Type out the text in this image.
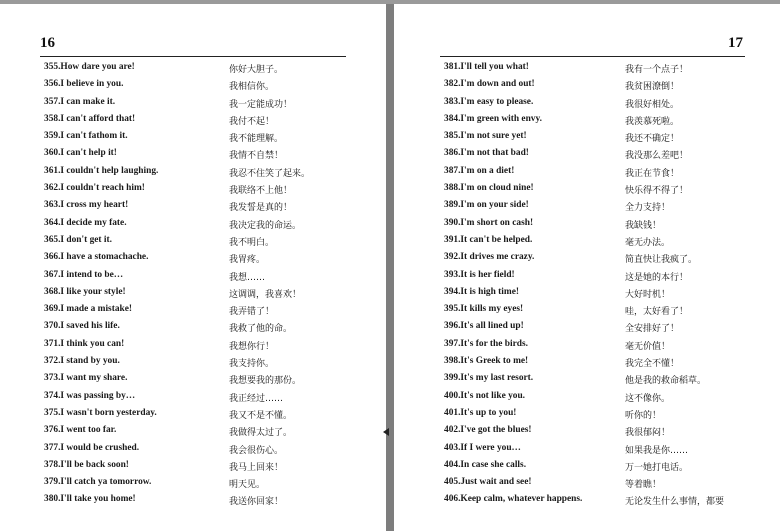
16
355.How dare you are!	你好大胆子。
356.I believe in you.	我相信你。
357.I can make it.	我一定能成功！
358.I can't afford that!	我付不起！
359.I can't fathom it.	我不能理解。
360.I can't help it!	我情不自禁！
361.I couldn't help laughing.	我忍不住笑了起来。
362.I couldn't reach him!	我联络不上他！
363.I cross my heart!	我发誓是真的！
364.I decide my fate.	我决定我的命运。
365.I don't get it.	我不明白。
366.I have a stomachache.	我胃疼。
367.I intend to be…	我想……
368.I like your style!	这调调，我喜欢！
369.I made a mistake!	我弄错了！
370.I saved his life.	我救了他的命。
371.I think you can!	我想你行！
372.I stand by you.	我支持你。
373.I want my share.	我想要我的那份。
374.I was passing by…	我正经过……
375.I wasn't born yesterday.	我又不是不懂。
376.I went too far.	我做得太过了。
377.I would be crushed.	我会很伤心。
378.I'll be back soon!	我马上回来！
379.I'll catch ya tomorrow.	明天见。
380.I'll take you home!	我送你回家！
17
381.I'll tell you what!	我有一个点子！
382.I'm down and out!	我贫困潦倒！
383.I'm easy to please.	我很好相处。
384.I'm green with envy.	我羡慕死啦。
385.I'm not sure yet!	我还不确定！
386.I'm not that bad!	我没那么差吧！
387.I'm on a diet!	我正在节食！
388.I'm on cloud nine!	快乐得不得了！
389.I'm on your side!	全力支持！
390.I'm short on cash!	我缺钱！
391.It can't be helped.	毫无办法。
392.It drives me crazy.	简直快让我疯了。
393.It is her field!	这是她的本行！
394.It is high time!	大好时机！
395.It kills my eyes!	哇，太好看了！
396.It's all lined up!	全安排好了！
397.It's for the birds.	毫无价值！
398.It's Greek to me!	我完全不懂！
399.It's my last resort.	他是我的救命稻草。
400.It's not like you.	这不像你。
401.It's up to you!	听你的！
402.I've got the blues!	我很郁闷！
403.If I were you…	如果我是你……
404.In case she calls.	万一她打电话。
405.Just wait and see!	等着瞧！
406.Keep calm, whatever happens.	无论发生什么事情，都要
